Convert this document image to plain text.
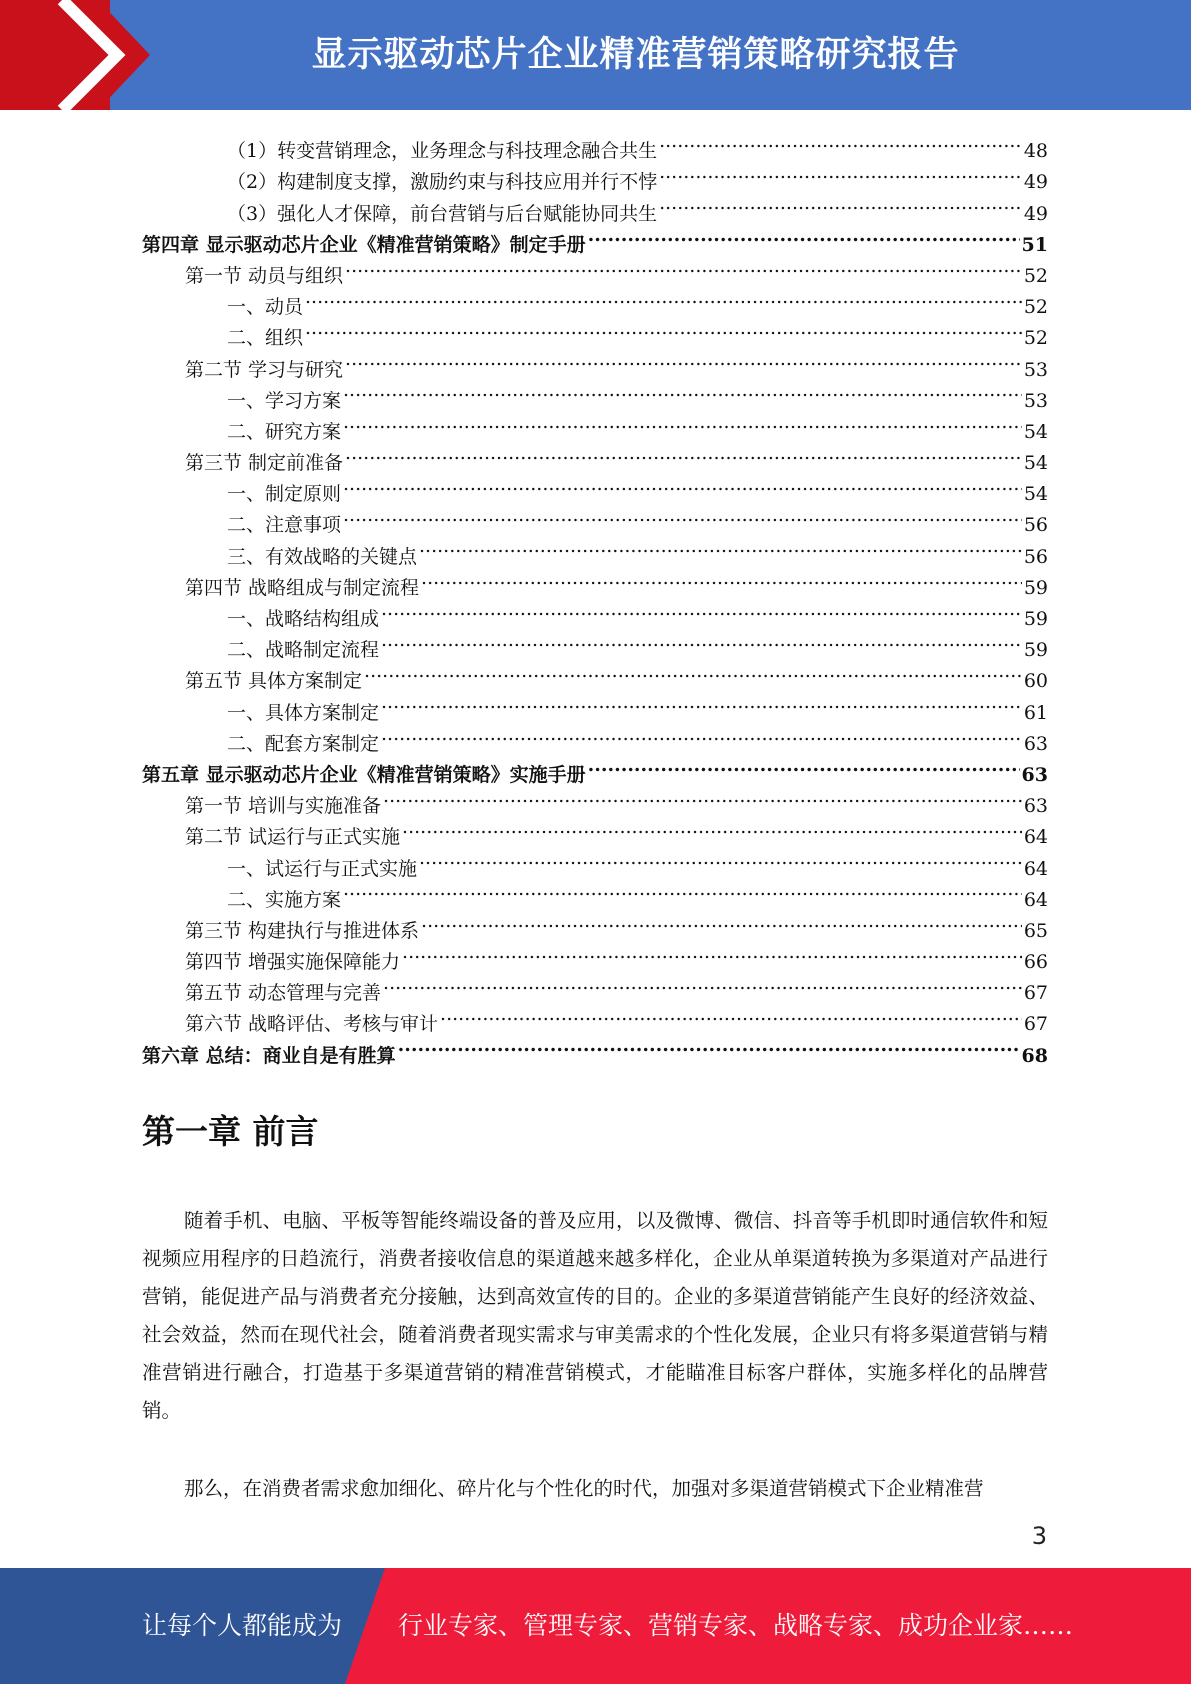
显示驱动芯片企业精准营销策略研究报告
（1）转变营销理念，业务理念与科技理念融合共生 .....	48
（2）构建制度支撑，激励约束与科技应用并行不悖 .....	49
（3）强化人才保障，前台营销与后台赋能协同共生 .....	49
第四章 显示驱动芯片企业《精准营销策略》制定手册 .....	51
第一节 动员与组织 .....	52
一、动员 .....	52
二、组织 .....	52
第二节 学习与研究 .....	53
一、学习方案 .....	53
二、研究方案 .....	54
第三节 制定前准备 .....	54
一、制定原则 .....	54
二、注意事项 .....	56
三、有效战略的关键点 .....	56
第四节 战略组成与制定流程 .....	59
一、战略结构组成 .....	59
二、战略制定流程 .....	59
第五节 具体方案制定 .....	60
一、具体方案制定 .....	61
二、配套方案制定 .....	63
第五章 显示驱动芯片企业《精准营销策略》实施手册 .....	63
第一节 培训与实施准备 .....	63
第二节 试运行与正式实施 .....	64
一、试运行与正式实施 .....	64
二、实施方案 .....	64
第三节 构建执行与推进体系 .....	65
第四节 增强实施保障能力 .....	66
第五节 动态管理与完善 .....	67
第六节 战略评估、考核与审计 .....	67
第六章 总结：商业自是有胜算 .....	68
第一章 前言

随着手机、电脑、平板等智能终端设备的普及应用，以及微博、微信、抖音等手机即时通信软件和短视频应用程序的日趋流行，消费者接收信息的渠道越来越多样化，企业从单渠道转换为多渠道对产品进行营销，能促进产品与消费者充分接触，达到高效宣传的目的。企业的多渠道营销能产生良好的经济效益、社会效益，然而在现代社会，随着消费者现实需求与审美需求的个性化发展，企业只有将多渠道营销与精准营销进行融合，打造基于多渠道营销的精准营销模式，才能瞄准目标客户群体，实施多样化的品牌营销。

那么，在消费者需求愈加细化、碎片化与个性化的时代，加强对多渠道营销模式下企业精准营

3
让每个人都能成为	行业专家、管理专家、营销专家、战略专家、成功企业家……
